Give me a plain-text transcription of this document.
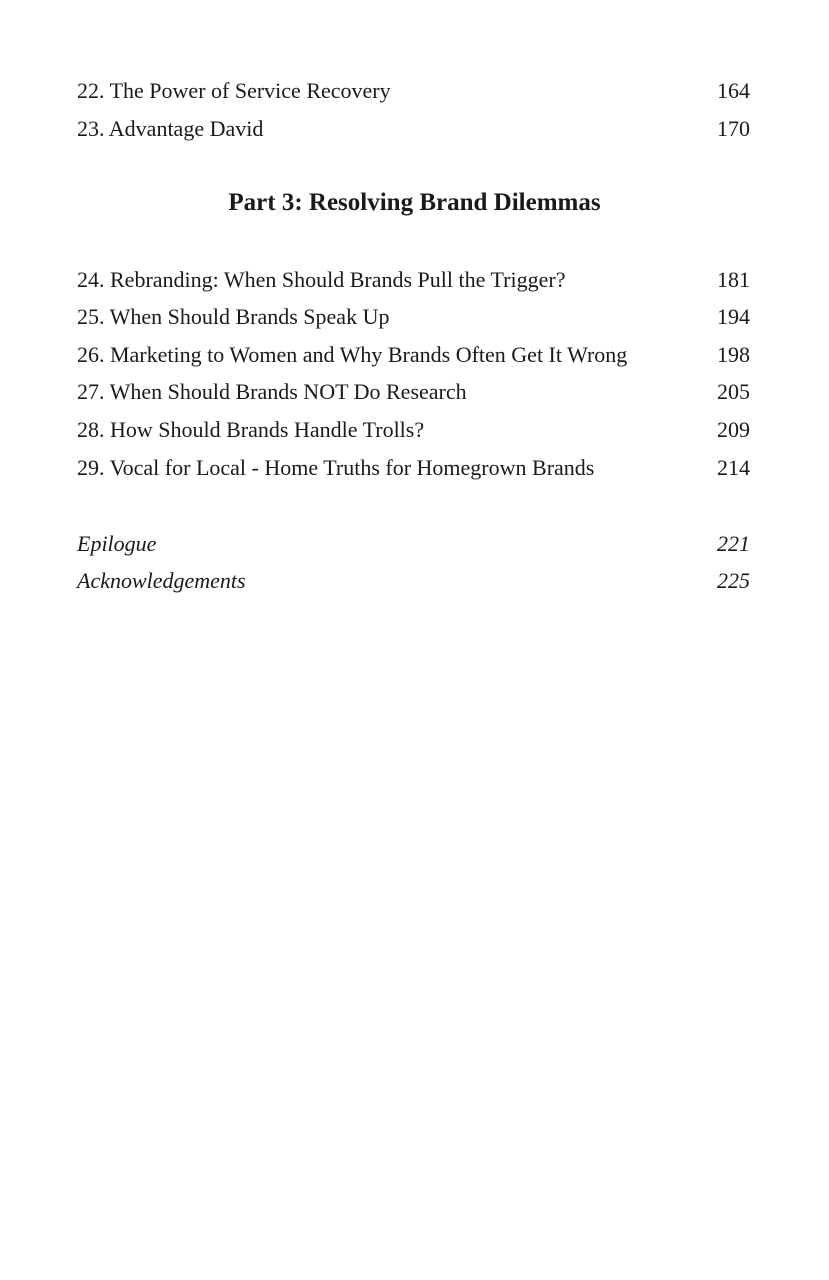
22. The Power of Service Recovery	164
23. Advantage David	170
Part 3: Resolving Brand Dilemmas
24. Rebranding: When Should Brands Pull the Trigger?	181
25. When Should Brands Speak Up	194
26. Marketing to Women and Why Brands Often Get It Wrong	198
27. When Should Brands NOT Do Research	205
28. How Should Brands Handle Trolls?	209
29. Vocal for Local - Home Truths for Homegrown Brands	214
Epilogue	221
Acknowledgements	225
